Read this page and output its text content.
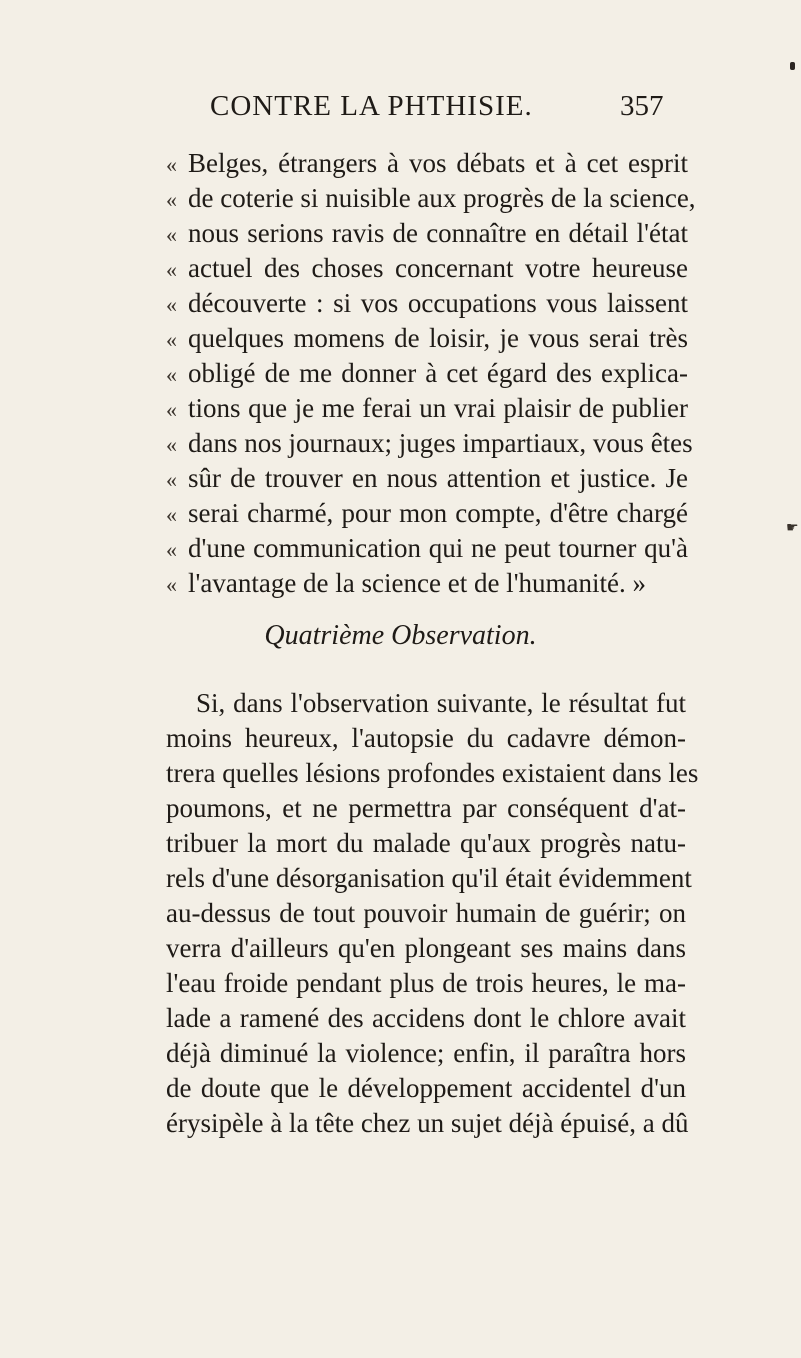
CONTRE LA PHTHISIE.	357
« Belges, étrangers à vos débats et à cet esprit
« de coterie si nuisible aux progrès de la science,
« nous serions ravis de connaître en détail l'état
« actuel des choses concernant votre heureuse
« découverte : si vos occupations vous laissent
« quelques momens de loisir, je vous serai très
« obligé de me donner à cet égard des explica-
« tions que je me ferai un vrai plaisir de publier
« dans nos journaux; juges impartiaux, vous êtes
« sûr de trouver en nous attention et justice. Je
« serai charmé, pour mon compte, d'être chargé
« d'une communication qui ne peut tourner qu'à
« l'avantage de la science et de l'humanité. »
Quatrième Observation.
Si, dans l'observation suivante, le résultat fut
moins heureux, l'autopsie du cadavre démon-
trera quelles lésions profondes existaient dans les
poumons, et ne permettra par conséquent d'at-
tribuer la mort du malade qu'aux progrès natu-
rels d'une désorganisation qu'il était évidemment
au-dessus de tout pouvoir humain de guérir; on
verra d'ailleurs qu'en plongeant ses mains dans
l'eau froide pendant plus de trois heures, le ma-
lade a ramené des accidens dont le chlore avait
déjà diminué la violence; enfin, il paraîtra hors
de doute que le développement accidentel d'un
érysipèle à la tête chez un sujet déjà épuisé, a dû
☛
